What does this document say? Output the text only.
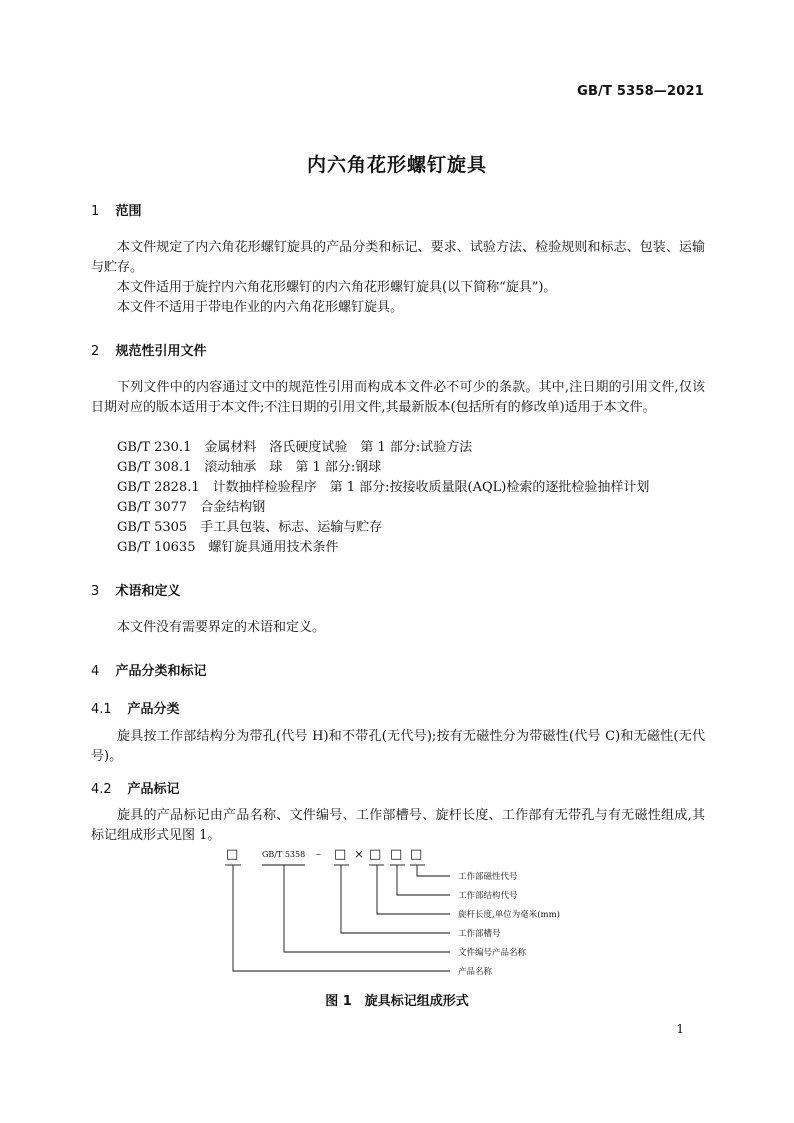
GB/T 5358—2021
内六角花形螺钉旋具
1 范围

本文件规定了内六角花形螺钉旋具的产品分类和标记、要求、试验方法、检验规则和标志、包装、运输与贮存。

本文件适用于旋拧内六角花形螺钉的内六角花形螺钉旋具(以下简称“旋具”)。

本文件不适用于带电作业的内六角花形螺钉旋具。

2 规范性引用文件

下列文件中的内容通过文中的规范性引用而构成本文件必不可少的条款。其中,注日期的引用文件,仅该日期对应的版本适用于本文件;不注日期的引用文件,其最新版本(包括所有的修改单)适用于本文件。

GB/T 230.1　金属材料　洛氏硬度试验　第 1 部分:试验方法
GB/T 308.1　滚动轴承　球　第 1 部分:钢球
GB/T 2828.1　计数抽样检验程序　第 1 部分:按接收质量限(AQL)检索的逐批检验抽样计划
GB/T 3077　合金结构钢
GB/T 5305　手工具包装、标志、运输与贮存
GB/T 10635　螺钉旋具通用技术条件
3 术语和定义

本文件没有需要界定的术语和定义。

4 产品分类和标记
4.1 产品分类

旋具按工作部结构分为带孔(代号 H)和不带孔(无代号);按有无磁性分为带磁性(代号 C)和无磁性(无代号)。

4.2 产品标记

旋具的产品标记由产品名称、文件编号、工作部槽号、旋杆长度、工作部有无带孔与有无磁性组成,其标记组成形式见图 1。

□	GB/T 5358 – □ × □ □ □
工作部磁性代号
工作部结构代号
旋杆长度,单位为毫米(mm)
工作部槽号
文件编号产品名称
产品名称
图 1　旋具标记组成形式
1
